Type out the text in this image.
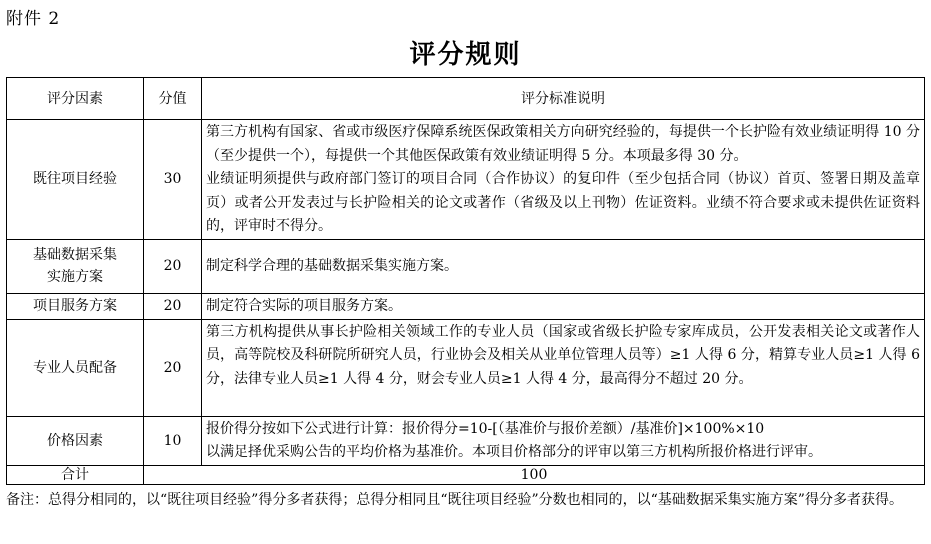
附件 2
评分规则
评分因素	分值	评分标准说明
既往项目经验	30	第三方机构有国家、省或市级医疗保障系统医保政策相关方向研究经验的，每提供一个长护险有效业绩证明得 10 分（至少提供一个），每提供一个其他医保政策有效业绩证明得 5 分。本项最多得 30 分。
业绩证明须提供与政府部门签订的项目合同（合作协议）的复印件（至少包括合同（协议）首页、签署日期及盖章页）或者公开发表过与长护险相关的论文或著作（省级及以上刊物）佐证资料。业绩不符合要求或未提供佐证资料的，评审时不得分。

基础数据采集
实施方案	20	制定科学合理的基础数据采集实施方案。
项目服务方案	20	制定符合实际的项目服务方案。
专业人员配备	20	第三方机构提供从事长护险相关领域工作的专业人员（国家或省级长护险专家库成员，公开发表相关论文或著作人员，高等院校及科研院所研究人员，行业协会及相关从业单位管理人员等）≥1 人得 6 分，精算专业人员≥1 人得 6 分，法律专业人员≥1 人得 4 分，财会专业人员≥1 人得 4 分，最高得分不超过 20 分。
价格因素	10	报价得分按如下公式进行计算：报价得分=10-[（基准价与报价差额）/基准价]×100%×10
以满足择优采购公告的平均价格为基准价。本项目价格部分的评审以第三方机构所报价格进行评审。

合计	100	
备注：总得分相同的，以“既往项目经验”得分多者获得；总得分相同且“既往项目经验”分数也相同的，以“基础数据采集实施方案”得分多者获得。
